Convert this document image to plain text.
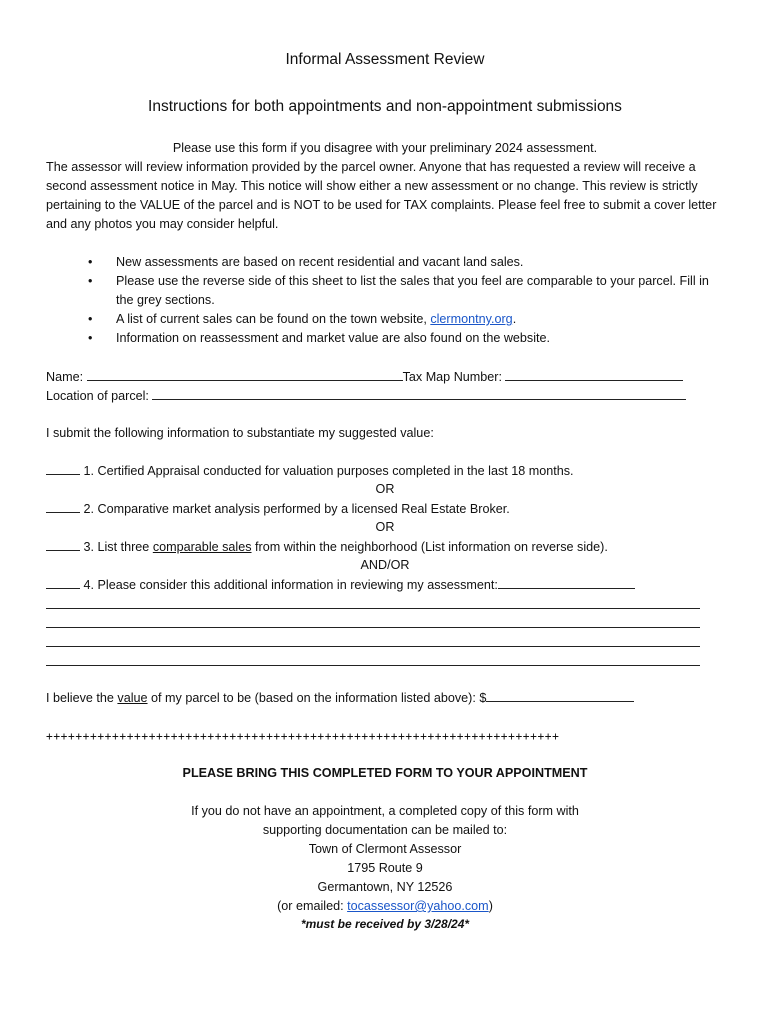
Informal Assessment Review
Instructions for both appointments and non-appointment submissions
Please use this form if you disagree with your preliminary 2024 assessment.
The assessor will review information provided by the parcel owner. Anyone that has requested a review will receive a second assessment notice in May. This notice will show either a new assessment or no change. This review is strictly pertaining to the VALUE of the parcel and is NOT to be used for TAX complaints. Please feel free to submit a cover letter and any photos you may consider helpful.
• New assessments are based on recent residential and vacant land sales.
• Please use the reverse side of this sheet to list the sales that you feel are comparable to your parcel. Fill in the grey sections.
• A list of current sales can be found on the town website, clermontny.org.
• Information on reassessment and market value are also found on the website.
Name:	Tax Map Number:
Location of parcel:
I submit the following information to substantiate my suggested value:
1. Certified Appraisal conducted for valuation purposes completed in the last 18 months.
OR
2. Comparative market analysis performed by a licensed Real Estate Broker.
OR
3. List three comparable sales from within the neighborhood (List information on reverse side).
AND/OR
4. Please consider this additional information in reviewing my assessment:
I believe the value of my parcel to be (based on the information listed above): $
++++++++++++++++++++++++++++++++++++++++++++++++++++++++++++++++++++++
PLEASE BRING THIS COMPLETED FORM TO YOUR APPOINTMENT
If you do not have an appointment, a completed copy of this form with
supporting documentation can be mailed to:
Town of Clermont Assessor
1795 Route 9
Germantown, NY 12526
(or emailed: tocassessor@yahoo.com)
*must be received by 3/28/24*
